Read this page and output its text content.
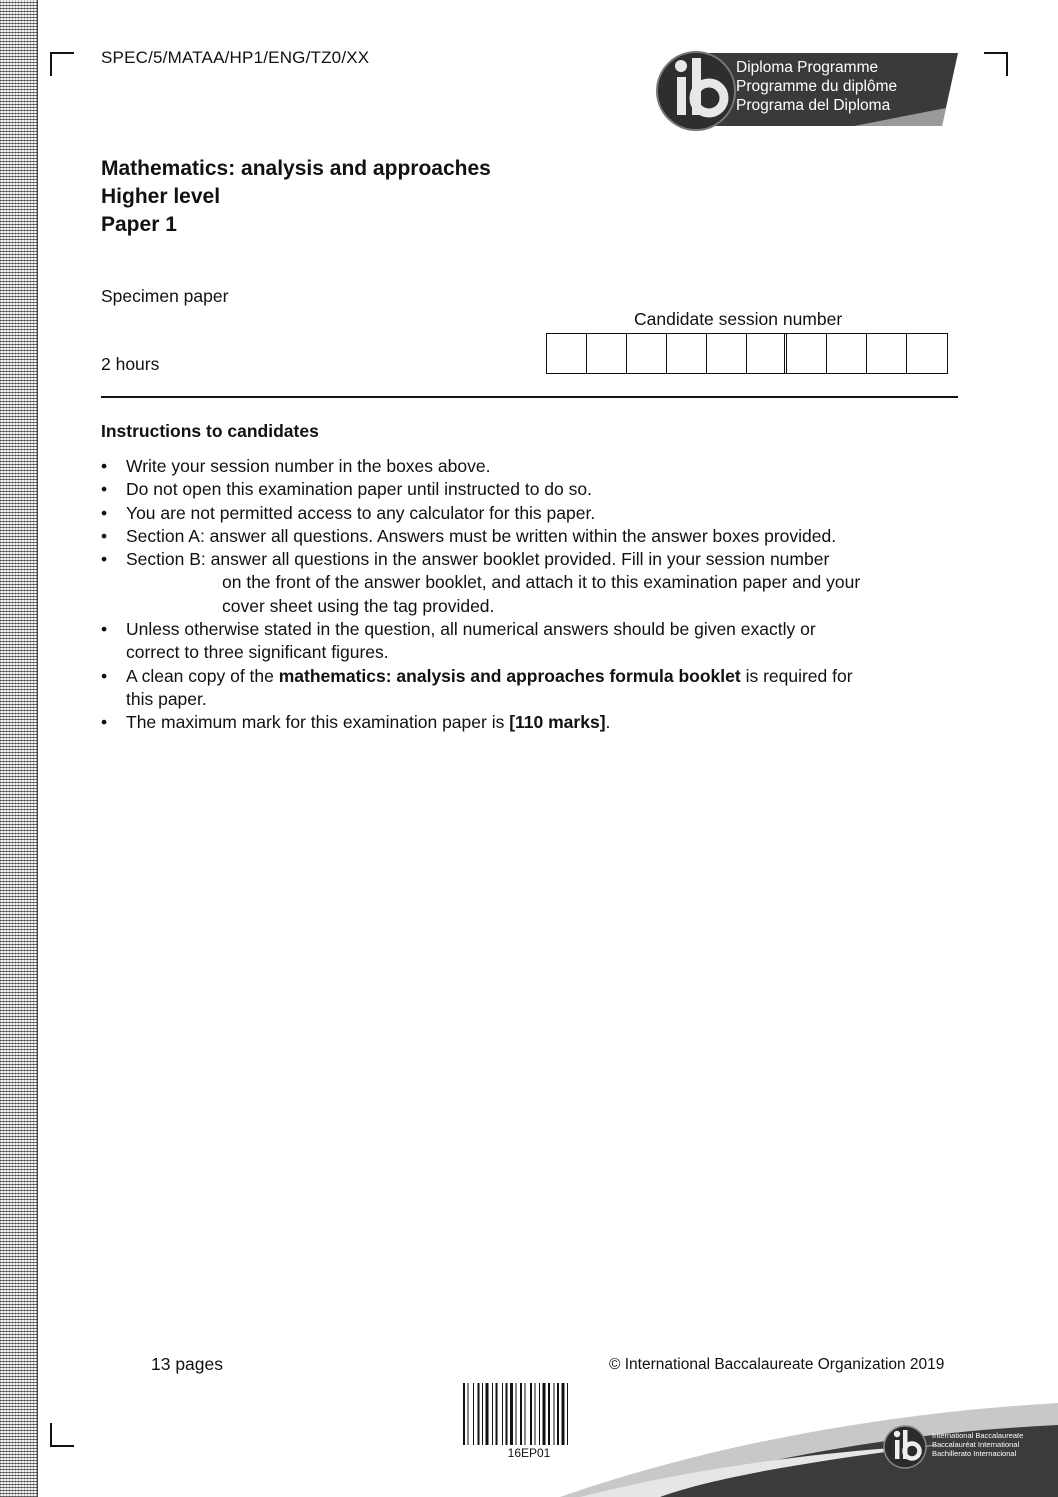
SPEC/5/MATAA/HP1/ENG/TZ0/XX
Diploma Programme
Programme du diplôme
Programa del Diploma
Mathematics: analysis and approaches
Higher level
Paper 1
Specimen paper
2 hours
Candidate session number
Instructions to candidates
• Write your session number in the boxes above.
• Do not open this examination paper until instructed to do so.
• You are not permitted access to any calculator for this paper.
• Section A: answer all questions. Answers must be written within the answer boxes provided.
• Section B: answer all questions in the answer booklet provided. Fill in your session number
on the front of the answer booklet, and attach it to this examination paper and your
cover sheet using the tag provided.
• Unless otherwise stated in the question, all numerical answers should be given exactly or
correct to three significant figures.
• A clean copy of the mathematics: analysis and approaches formula booklet is required for
this paper.
• The maximum mark for this examination paper is [110 marks].
13 pages	© International Baccalaureate Organization 2019
16EP01
International Baccalaureate
Baccalauréat International
Bachillerato Internacional
